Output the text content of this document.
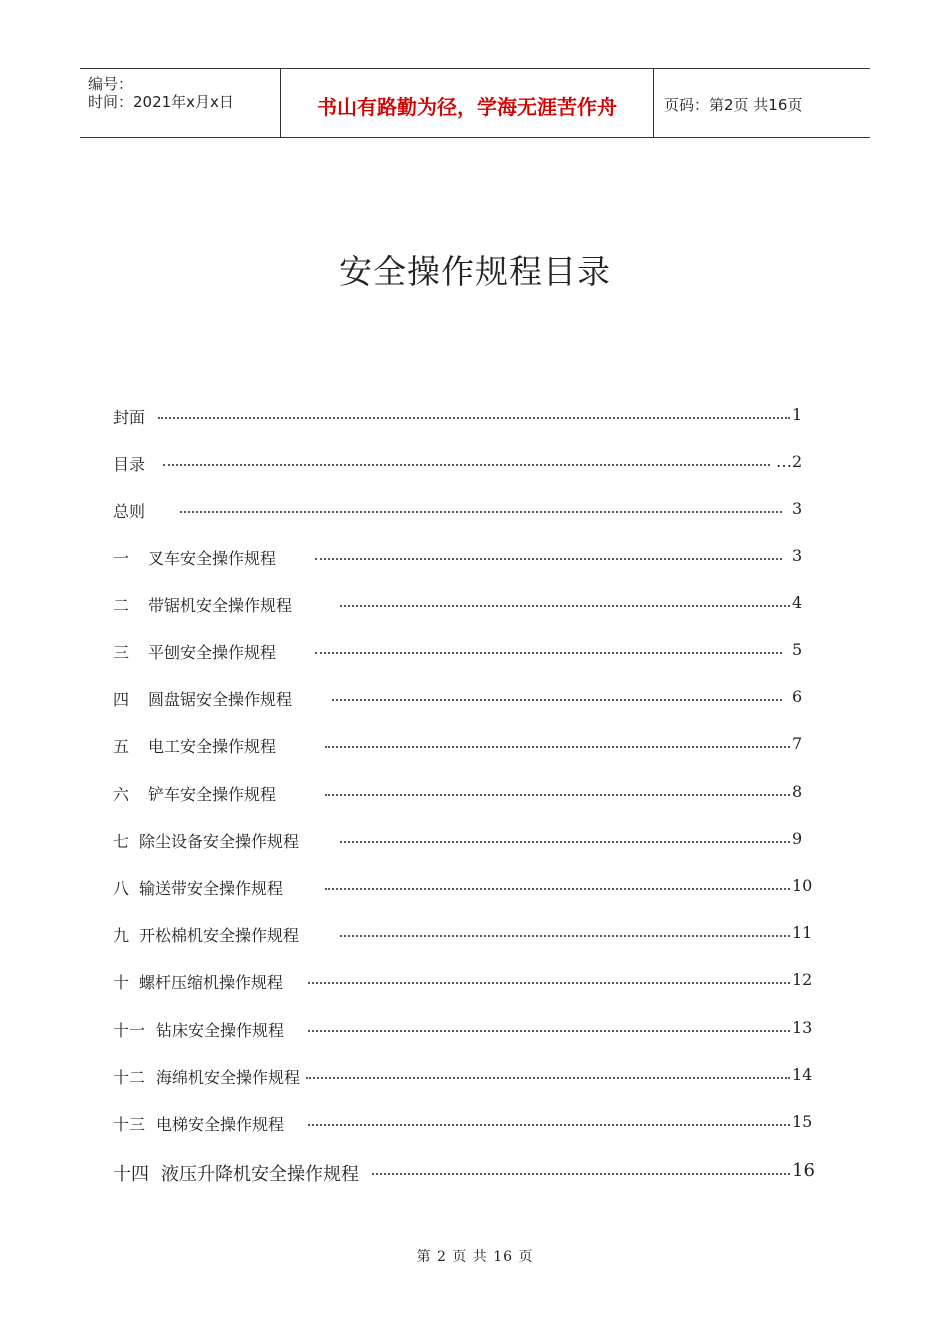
编号：
时间：2021年x月x日	书山有路勤为径，学海无涯苦作舟	页码：第2页 共16页
安全操作规程目录
封面	1
目录	…2
总则	3
一 叉车安全操作规程	3
二 带锯机安全操作规程	4
三 平刨安全操作规程	5
四 圆盘锯安全操作规程	6
五 电工安全操作规程	7
六 铲车安全操作规程	8
七 除尘设备安全操作规程	9
八 输送带安全操作规程	10
九 开松棉机安全操作规程	11
十 螺杆压缩机操作规程	12
十一 钻床安全操作规程	13
十二 海绵机安全操作规程	14
十三 电梯安全操作规程	15
十四 液压升降机安全操作规程	16
第 2 页 共 16 页
